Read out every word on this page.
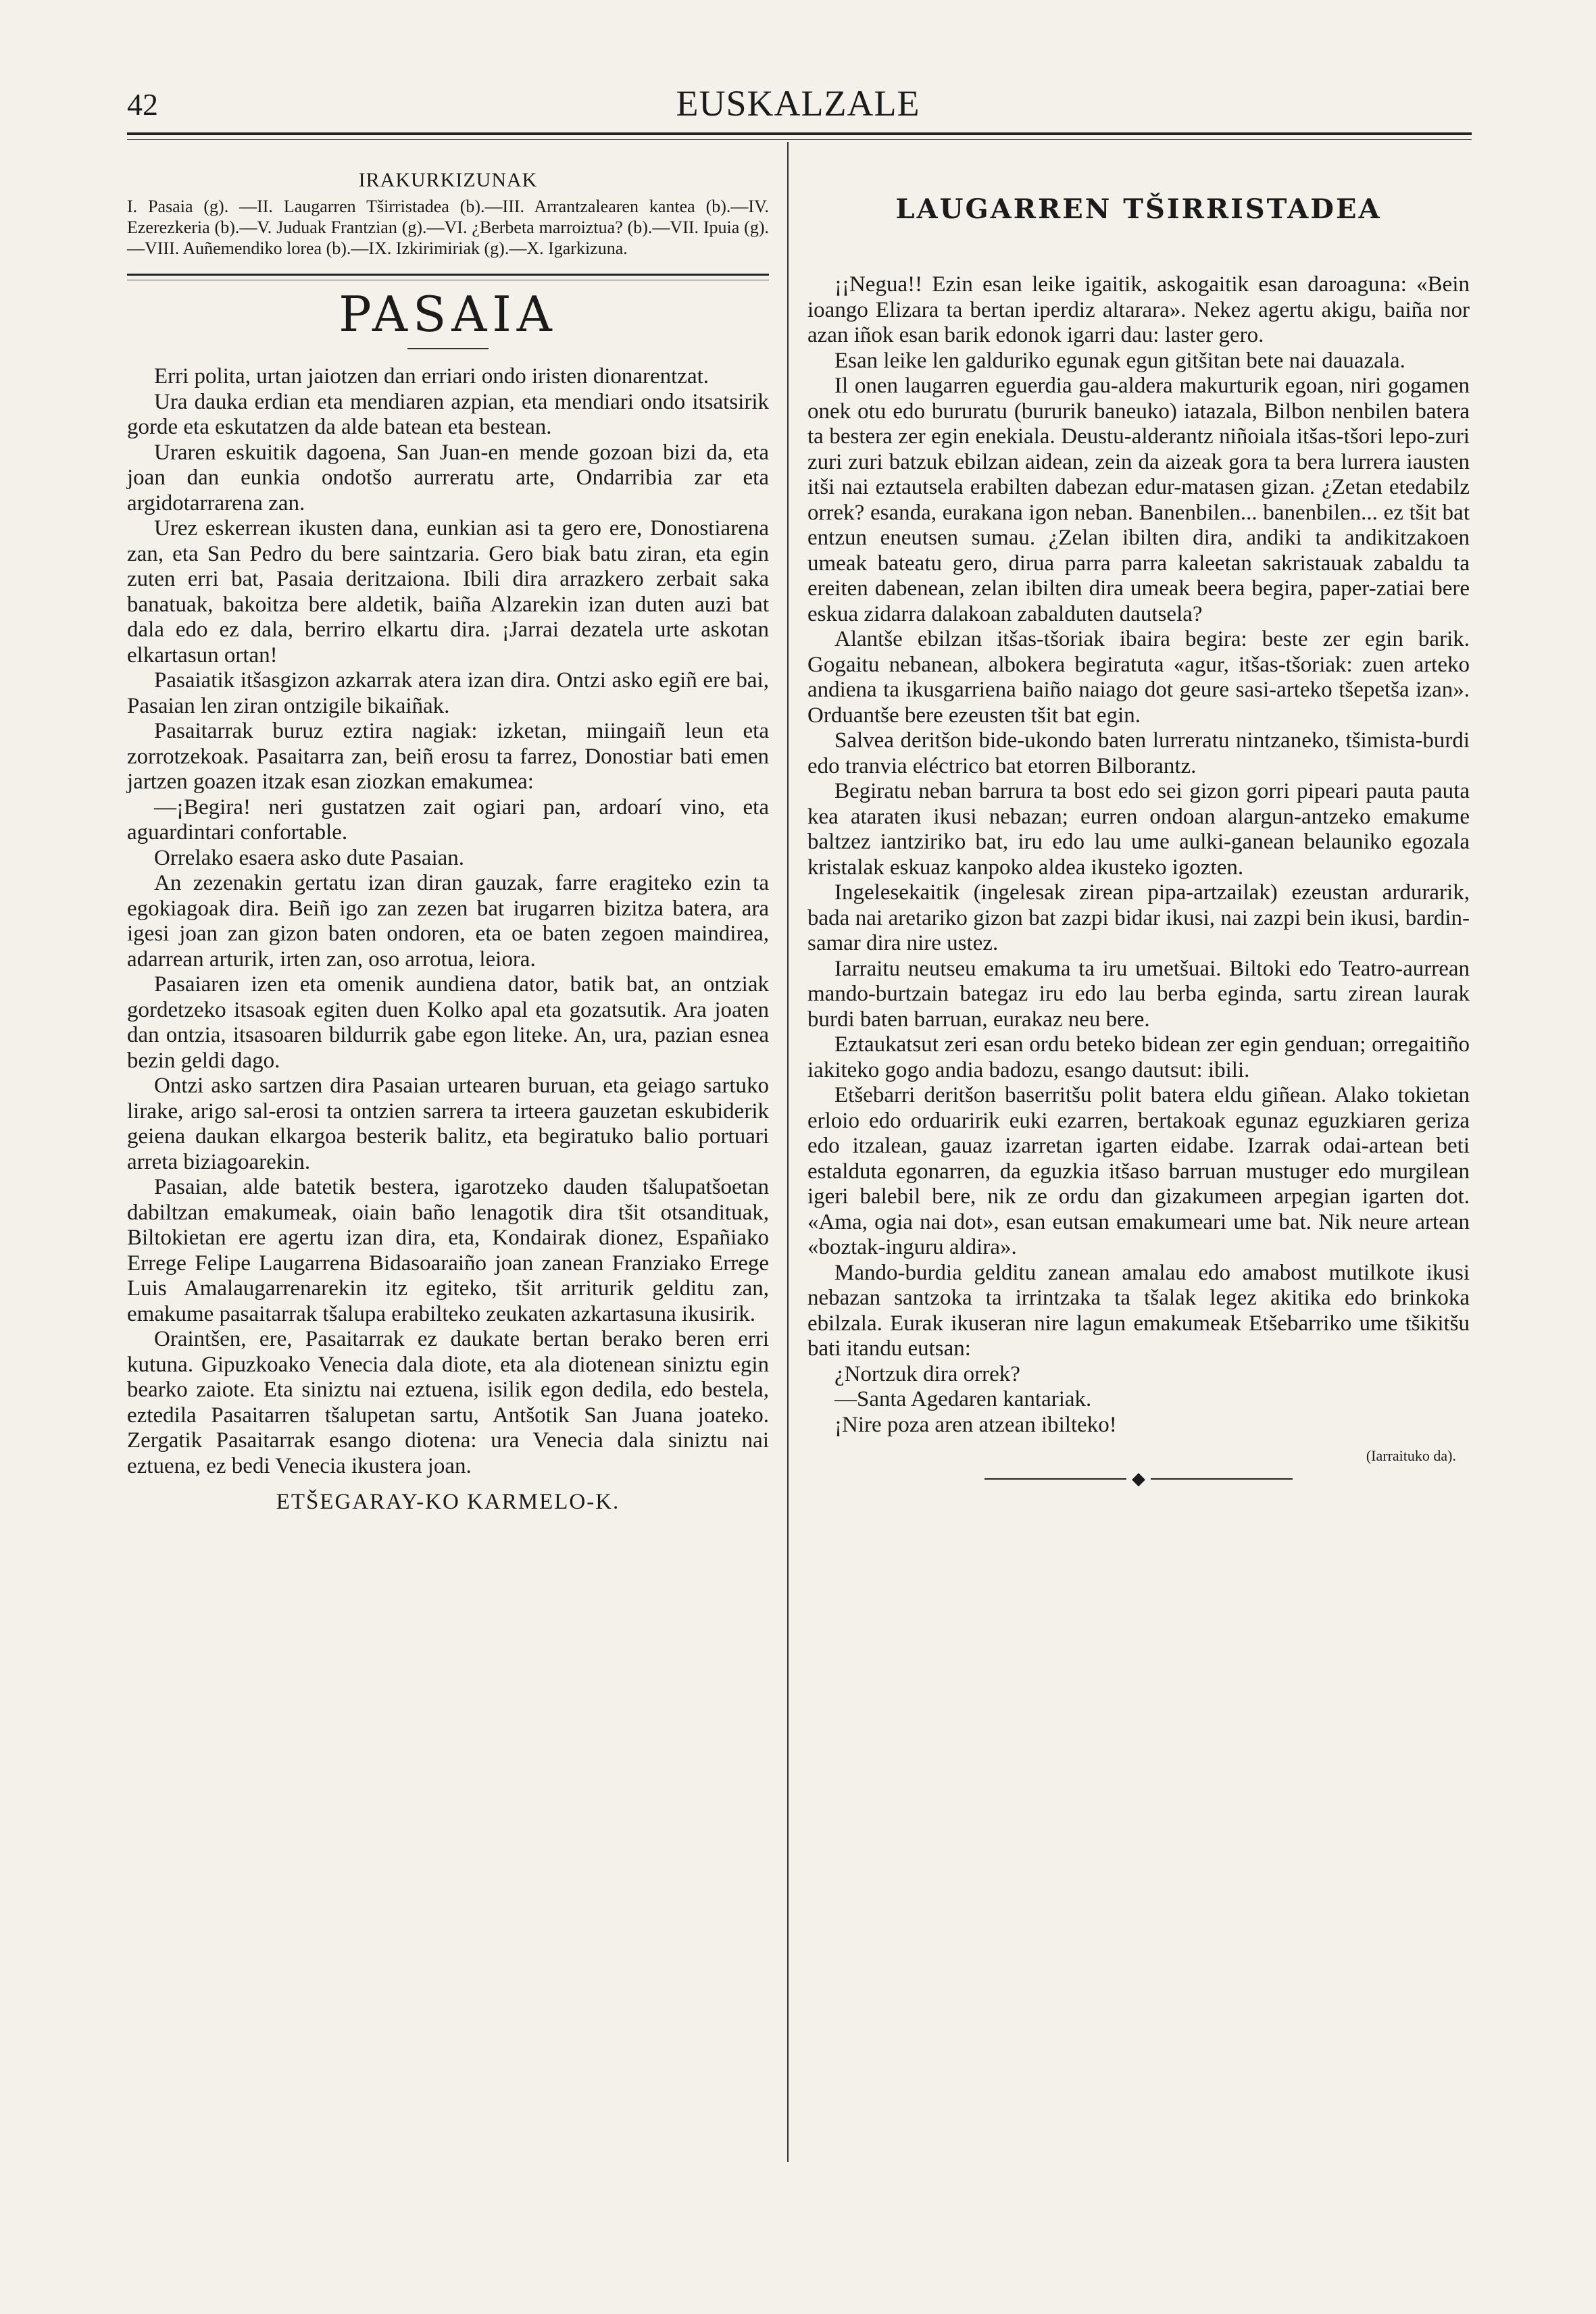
42	EUSKALZALE
IRAKURKIZUNAK
I. Pasaia (g). —II. Laugarren Tširristadea (b).—III. Arrantzalearen kantea (b).—IV. Ezerezkeria (b).—V. Juduak Frantzian (g).—VI. ¿Berbeta marroiztua? (b).—VII. Ipuia (g).—VIII. Auñemendiko lorea (b).—IX. Izkirimiriak (g).—X. Igarkizuna.
PASAIA

Erri polita, urtan jaiotzen dan erriari ondo iristen dionarentzat.

Ura dauka erdian eta mendiaren azpian, eta mendiari ondo itsatsirik gorde eta eskutatzen da alde batean eta bestean.

Uraren eskuitik dagoena, San Juan-en mende gozoan bizi da, eta joan dan eunkia ondotšo aurreratu arte, Ondarribia zar eta argidotarrarena zan.

Urez eskerrean ikusten dana, eunkian asi ta gero ere, Donostiarena zan, eta San Pedro du bere saintzaria. Gero biak batu ziran, eta egin zuten erri bat, Pasaia deritzaiona. Ibili dira arrazkero zerbait saka banatuak, bakoitza bere aldetik, baiña Alzarekin izan duten auzi bat dala edo ez dala, berriro elkartu dira. ¡Jarrai dezatela urte askotan elkartasun ortan!

Pasaiatik itšasgizon azkarrak atera izan dira. Ontzi asko egiñ ere bai, Pasaian len ziran ontzigile bikaiñak.

Pasaitarrak buruz eztira nagiak: izketan, miingaiñ leun eta zorrotzekoak. Pasaitarra zan, beiñ erosu ta farrez, Donostiar bati emen jartzen goazen itzak esan ziozkan emakumea:

—¡Begira! neri gustatzen zait ogiari pan, ardoarí vino, eta aguardintari confortable.

Orrelako esaera asko dute Pasaian.

An zezenakin gertatu izan diran gauzak, farre eragiteko ezin ta egokiagoak dira. Beiñ igo zan zezen bat irugarren bizitza batera, ara igesi joan zan gizon baten ondoren, eta oe baten zegoen maindirea, adarrean arturik, irten zan, oso arrotua, leiora.

Pasaiaren izen eta omenik aundiena dator, batik bat, an ontziak gordetzeko itsasoak egiten duen Kolko apal eta gozatsutik. Ara joaten dan ontzia, itsasoaren bildurrik gabe egon liteke. An, ura, pazian esnea bezin geldi dago.

Ontzi asko sartzen dira Pasaian urtearen buruan, eta geiago sartuko lirake, arigo sal-erosi ta ontzien sarrera ta irteera gauzetan eskubiderik geiena daukan elkargoa besterik balitz, eta begiratuko balio portuari arreta biziagoarekin.

Pasaian, alde batetik bestera, igarotzeko dauden tšalupatšoetan dabiltzan emakumeak, oiain baño lenagotik dira tšit otsandituak, Biltokietan ere agertu izan dira, eta, Kondairak dionez, Españiako Errege Felipe Laugarrena Bidasoaraiño joan zanean Franziako Errege Luis Amalaugarrenarekin itz egiteko, tšit arriturik gelditu zan, emakume pasaitarrak tšalupa erabilteko zeukaten azkartasuna ikusirik.

Oraintšen, ere, Pasaitarrak ez daukate bertan berako beren erri kutuna. Gipuzkoako Venecia dala diote, eta ala diotenean siniztu egin bearko zaiote. Eta siniztu nai eztuena, isilik egon dedila, edo bestela, eztedila Pasaitarren tšalupetan sartu, Antšotik San Juana joateko. Zergatik Pasaitarrak esango diotena: ura Venecia dala siniztu nai eztuena, ez bedi Venecia ikustera joan.

ETŠEGARAY-KO KARMELO-K.
LAUGARREN TŠIRRISTADEA

¡¡Negua!! Ezin esan leike igaitik, askogaitik esan daroaguna: «Bein ioango Elizara ta bertan iperdiz altarara». Nekez agertu akigu, baiña nor azan iñok esan barik edonok igarri dau: laster gero.

Esan leike len galduriko egunak egun gitšitan bete nai dauazala.

Il onen laugarren eguerdia gau-aldera makurturik egoan, niri gogamen onek otu edo bururatu (bururik baneuko) iatazala, Bilbon nenbilen batera ta bestera zer egin enekiala. Deustu-alderantz niñoiala itšas-tšori lepo-zuri zuri zuri batzuk ebilzan aidean, zein da aizeak gora ta bera lurrera iausten itši nai eztautsela erabilten dabezan edur-matasen gizan. ¿Zetan etedabilz orrek? esanda, eurakana igon neban. Banenbilen... banenbilen... ez tšit bat entzun eneutsen sumau. ¿Zelan ibilten dira, andiki ta andikitzakoen umeak bateatu gero, dirua parra parra kaleetan sakristauak zabaldu ta ereiten dabenean, zelan ibilten dira umeak beera begira, paper-zatiai bere eskua zidarra dalakoan zabalduten dautsela?

Alantše ebilzan itšas-tšoriak ibaira begira: beste zer egin barik. Gogaitu nebanean, albokera begiratuta «agur, itšas-tšoriak: zuen arteko andiena ta ikusgarriena baiño naiago dot geure sasi-arteko tšepetša izan». Orduantše bere ezeusten tšit bat egin.

Salvea deritšon bide-ukondo baten lurreratu nintzaneko, tšimista-burdi edo tranvia eléctrico bat etorren Bilborantz.

Begiratu neban barrura ta bost edo sei gizon gorri pipeari pauta pauta kea ataraten ikusi nebazan; eurren ondoan alargun-antzeko emakume baltzez iantziriko bat, iru edo lau ume aulki-ganean belauniko egozala kristalak eskuaz kanpoko aldea ikusteko igozten.

Ingelesekaitik (ingelesak zirean pipa-artzailak) ezeustan ardurarik, bada nai aretariko gizon bat zazpi bidar ikusi, nai zazpi bein ikusi, bardin-samar dira nire ustez.

Iarraitu neutseu emakuma ta iru umetšuai. Biltoki edo Teatro-aurrean mando-burtzain bategaz iru edo lau berba eginda, sartu zirean laurak burdi baten barruan, eurakaz neu bere.

Eztaukatsut zeri esan ordu beteko bidean zer egin genduan; orregaitiño iakiteko gogo andia badozu, esango dautsut: ibili.

Etšebarri deritšon baserritšu polit batera eldu giñean. Alako tokietan erloio edo orduaririk euki ezarren, bertakoak egunaz eguzkiaren geriza edo itzalean, gauaz izarretan igarten eidabe. Izarrak odai-artean beti estalduta egonarren, da eguzkia itšaso barruan mustuger edo murgilean igeri balebil bere, nik ze ordu dan gizakumeen arpegian igarten dot. «Ama, ogia nai dot», esan eutsan emakumeari ume bat. Nik neure artean «boztak-inguru aldira».

Mando-burdia gelditu zanean amalau edo amabost mutilkote ikusi nebazan santzoka ta irrintzaka ta tšalak legez akitika edo brinkoka ebilzala. Eurak ikuseran nire lagun emakumeak Etšebarriko ume tšikitšu bati itandu eutsan:

¿Nortzuk dira orrek?

—Santa Agedaren kantariak.

¡Nire poza aren atzean ibilteko!

(Iarraituko da).
◆
